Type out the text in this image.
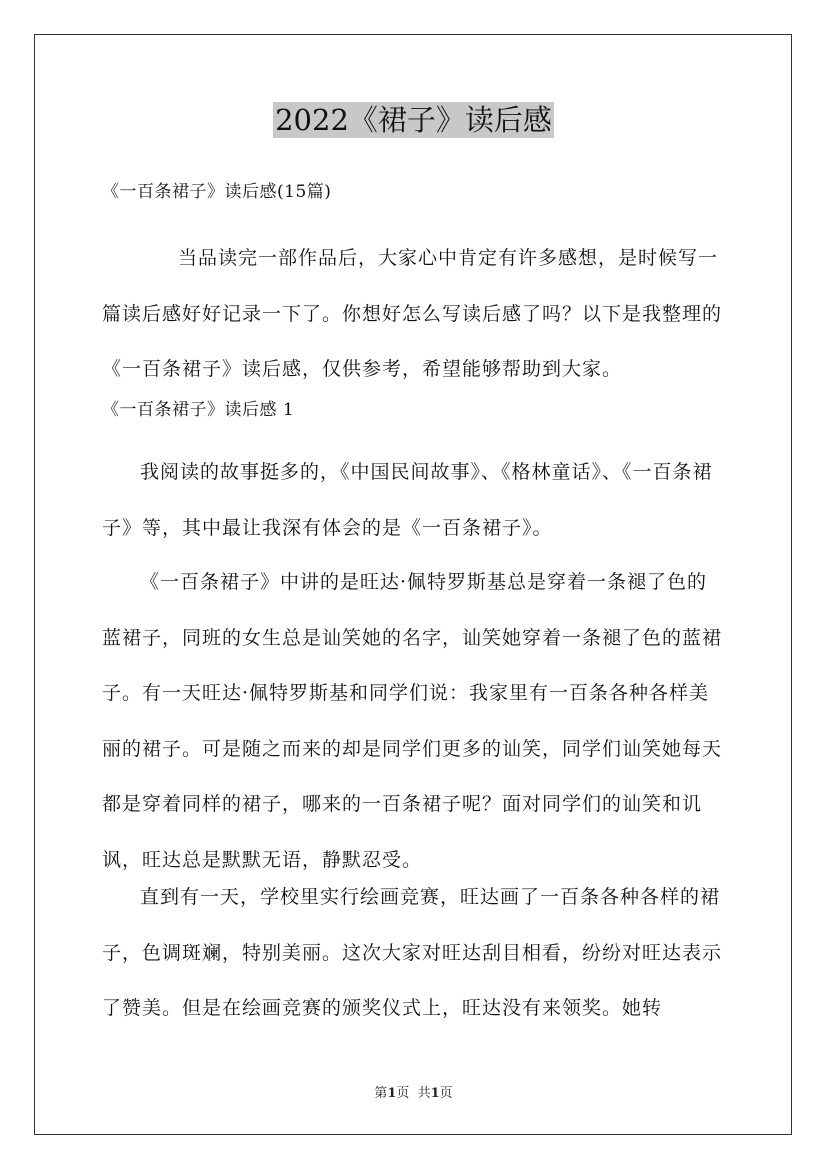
2022《裙子》读后感

《一百条裙子》读后感(15篇)

当品读完一部作品后，大家心中肯定有许多感想，是时候写一篇读后感好好记录一下了。你想好怎么写读后感了吗？以下是我整理的《一百条裙子》读后感，仅供参考，希望能够帮助到大家。

《一百条裙子》读后感 1

我阅读的故事挺多的，《中国民间故事》、《格林童话》、《一百条裙子》等，其中最让我深有体会的是《一百条裙子》。

《一百条裙子》中讲的是旺达·佩特罗斯基总是穿着一条褪了色的蓝裙子，同班的女生总是讪笑她的名字，讪笑她穿着一条褪了色的蓝裙子。有一天旺达·佩特罗斯基和同学们说：我家里有一百条各种各样美丽的裙子。可是随之而来的却是同学们更多的讪笑，同学们讪笑她每天都是穿着同样的裙子，哪来的一百条裙子呢？面对同学们的讪笑和讥讽，旺达总是默默无语，静默忍受。

直到有一天，学校里实行绘画竞赛，旺达画了一百条各种各样的裙子，色调斑斓，特别美丽。这次大家对旺达刮目相看，纷纷对旺达表示了赞美。但是在绘画竞赛的颁奖仪式上，旺达没有来领奖。她转

第1页  共1页
